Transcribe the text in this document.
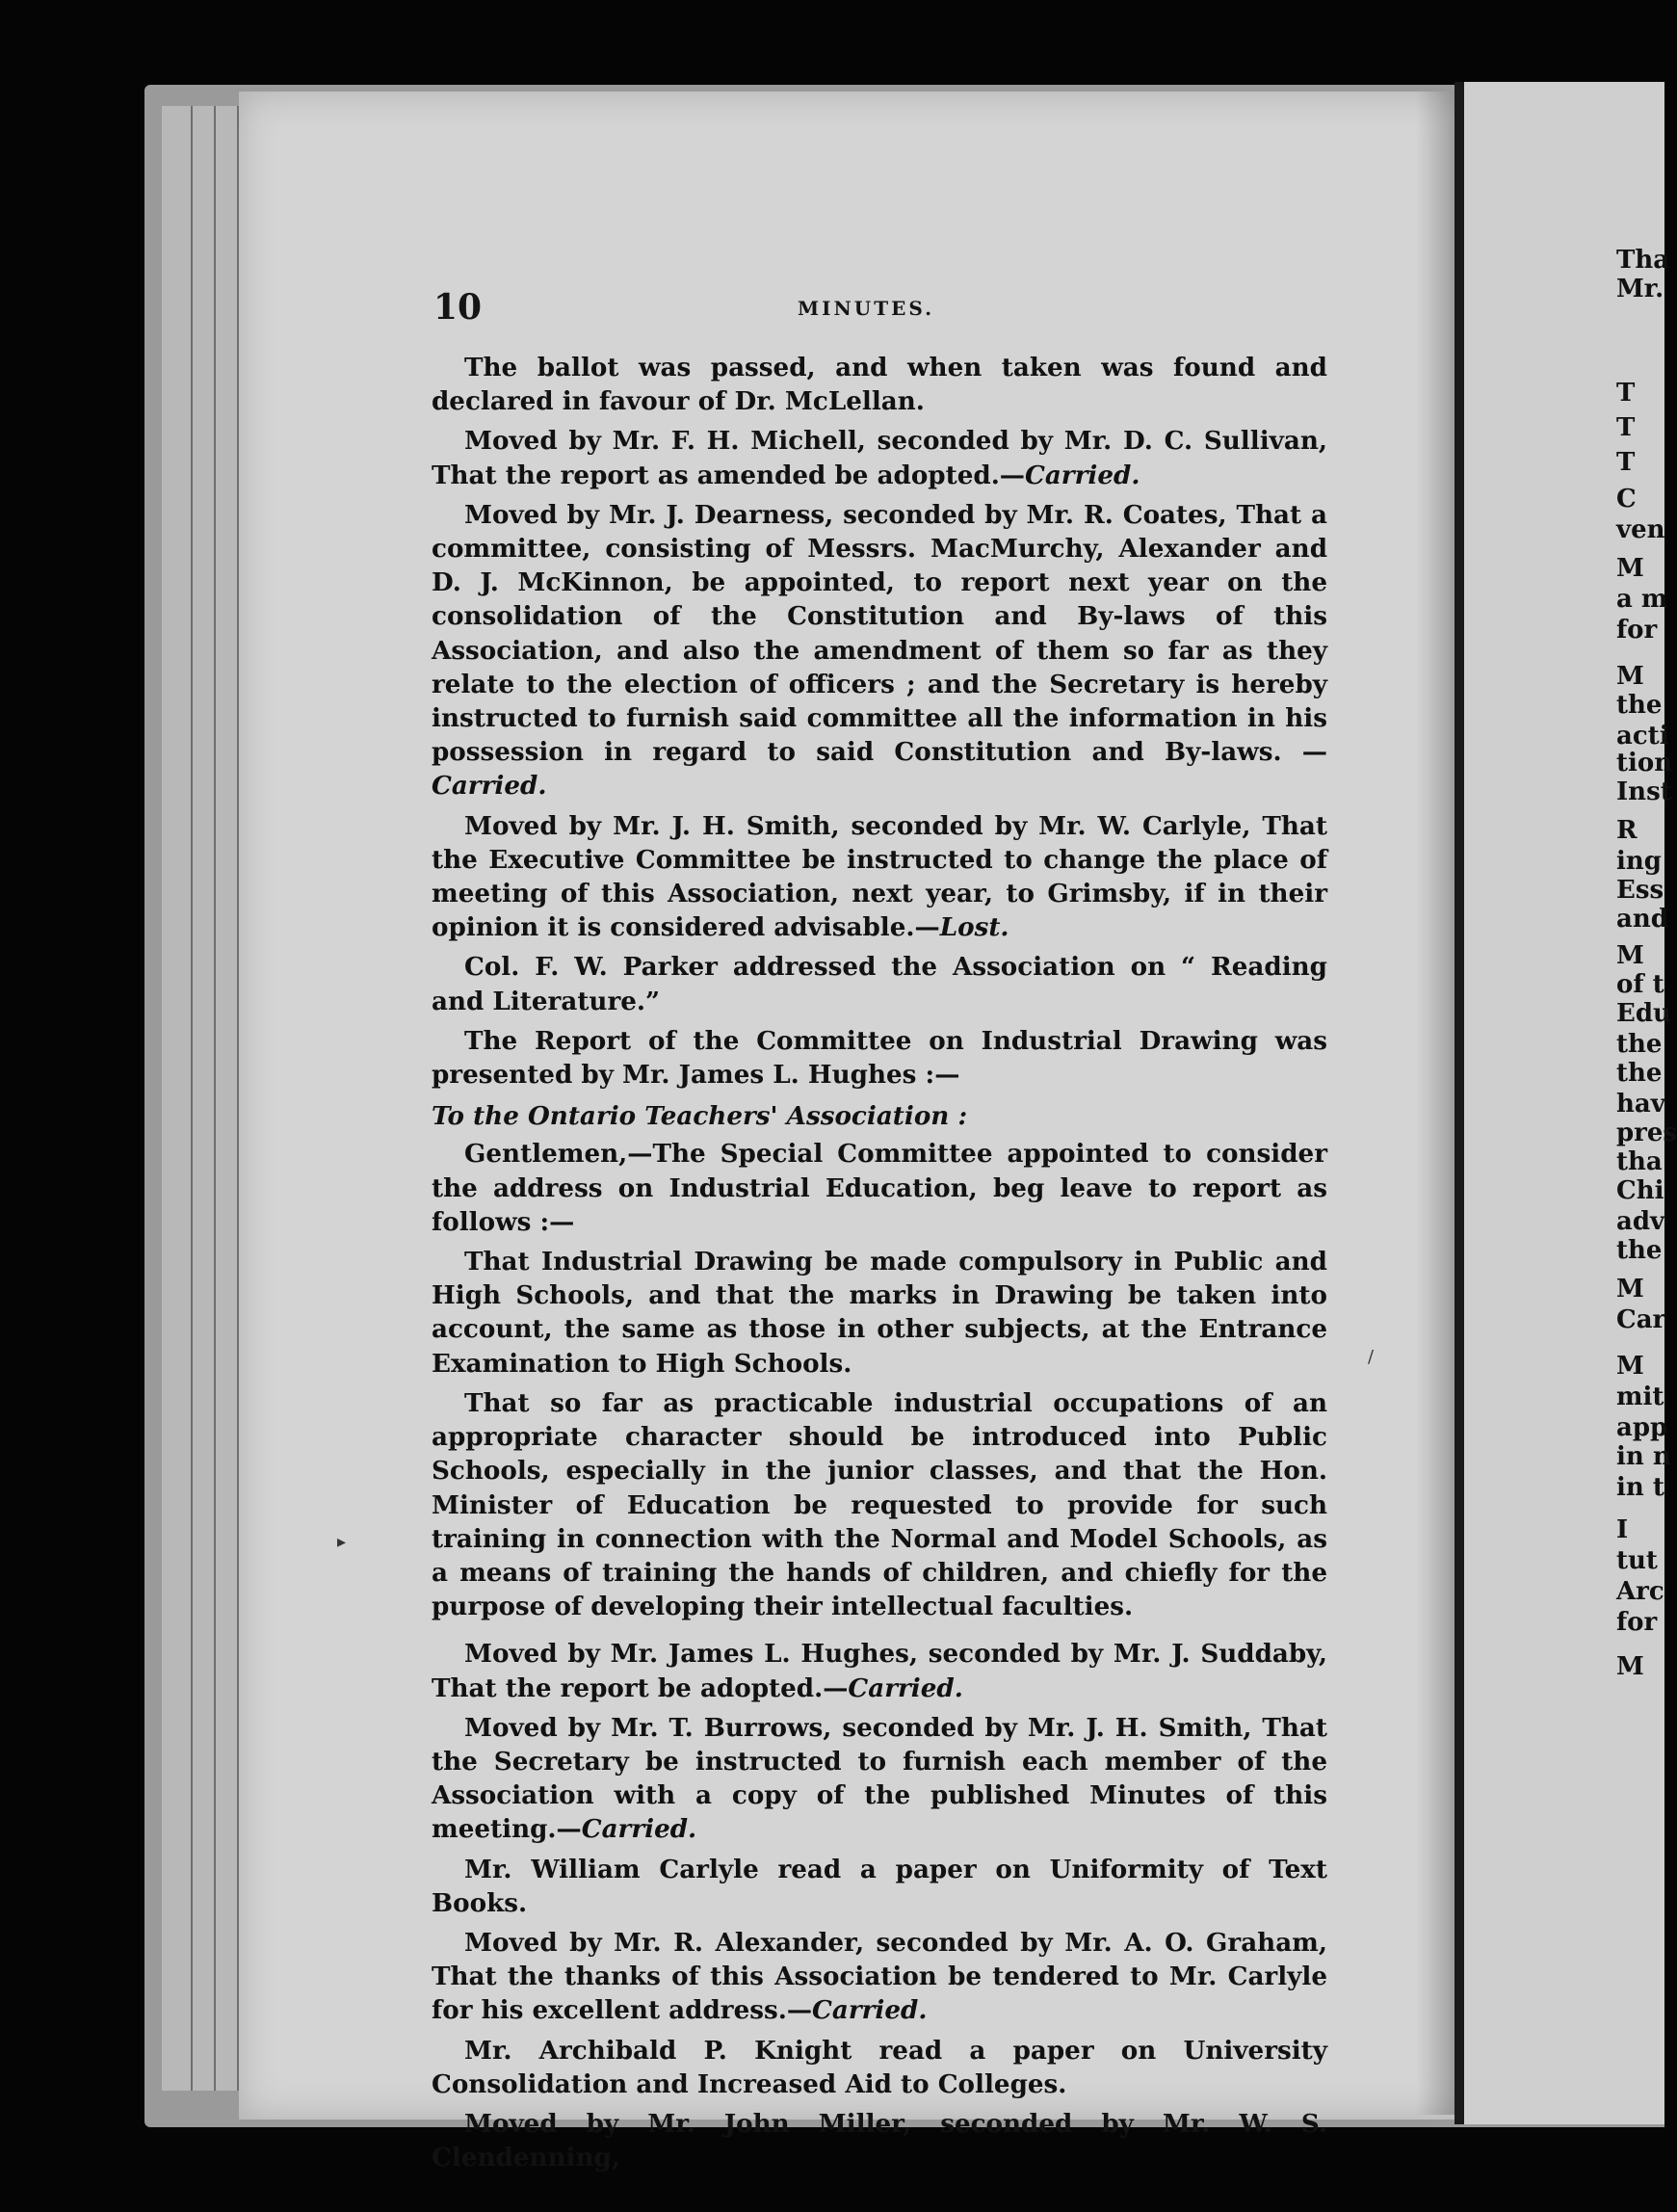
Tha
Mr.
T
T
T
C
ven
M
a m
for
M
the
acti
tion
Inst
R
ing
Ess
and
M
of t
Edu
the
the
hav
pres
tha
Chi
adv
the
M
Car
M
mit
app
in n
in t
I
tut
Arc
for
M
10	MINUTES.

The ballot was passed, and when taken was found and declared in favour of Dr. McLellan.

Moved by Mr. F. H. Michell, seconded by Mr. D. C. Sullivan, That the report as amended be adopted.—Carried.

Moved by Mr. J. Dearness, seconded by Mr. R. Coates, That a committee, consisting of Messrs. MacMurchy, Alexander and D. J. McKinnon, be appointed, to report next year on the consolidation of the Constitution and By-laws of this Association, and also the amendment of them so far as they relate to the election of officers ; and the Secretary is hereby instructed to furnish said committee all the information in his possession in regard to said Constitution and By-laws. —Carried.

Moved by Mr. J. H. Smith, seconded by Mr. W. Carlyle, That the Executive Committee be instructed to change the place of meeting of this Association, next year, to Grimsby, if in their opinion it is considered advisable.—Lost.

Col. F. W. Parker addressed the Association on “ Reading and Literature.”

The Report of the Committee on Industrial Drawing was presented by Mr. James L. Hughes :—

To the Ontario Teachers' Association :

Gentlemen,—The Special Committee appointed to consider the address on Industrial Education, beg leave to report as follows :—

That Industrial Drawing be made compulsory in Public and High Schools, and that the marks in Drawing be taken into account, the same as those in other subjects, at the Entrance Examination to High Schools.

That so far as practicable industrial occupations of an appropriate character should be introduced into Public Schools, especially in the junior classes, and that the Hon. Minister of Education be requested to provide for such training in connection with the Normal and Model Schools, as a means of training the hands of children, and chiefly for the purpose of developing their intellectual faculties.

Moved by Mr. James L. Hughes, seconded by Mr. J. Suddaby, That the report be adopted.—Carried.

Moved by Mr. T. Burrows, seconded by Mr. J. H. Smith, That the Secretary be instructed to furnish each member of the Association with a copy of the published Minutes of this meeting.—Carried.

Mr. William Carlyle read a paper on Uniformity of Text Books.

Moved by Mr. R. Alexander, seconded by Mr. A. O. Graham, That the thanks of this Association be tendered to Mr. Carlyle for his excellent address.—Carried.

Mr. Archibald P. Knight read a paper on University Consolidation and Increased Aid to Colleges.

Moved by Mr. John Miller, seconded by Mr. W. S. Clendenning,

▸
/
